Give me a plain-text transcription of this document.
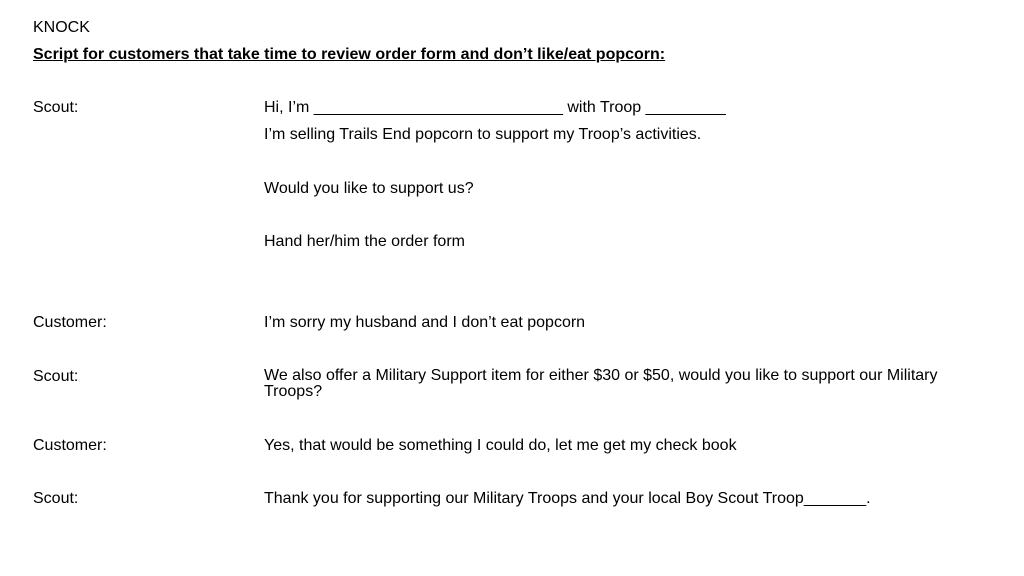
KNOCK
Script for customers that take time to review order form and don’t like/eat popcorn:
Scout:	Hi, I’m ____________________________ with Troop _________
I’m selling Trails End popcorn to support my Troop’s activities.
Would you like to support us?
Hand her/him the order form
Customer:	I’m sorry my husband and I don’t eat popcorn
Scout:	We also offer a Military Support item for either $30 or $50, would you like to support our Military Troops?
Customer:	Yes, that would be something I could do, let me get my check book
Scout:	Thank you for supporting our Military Troops and your local Boy Scout Troop_______.
